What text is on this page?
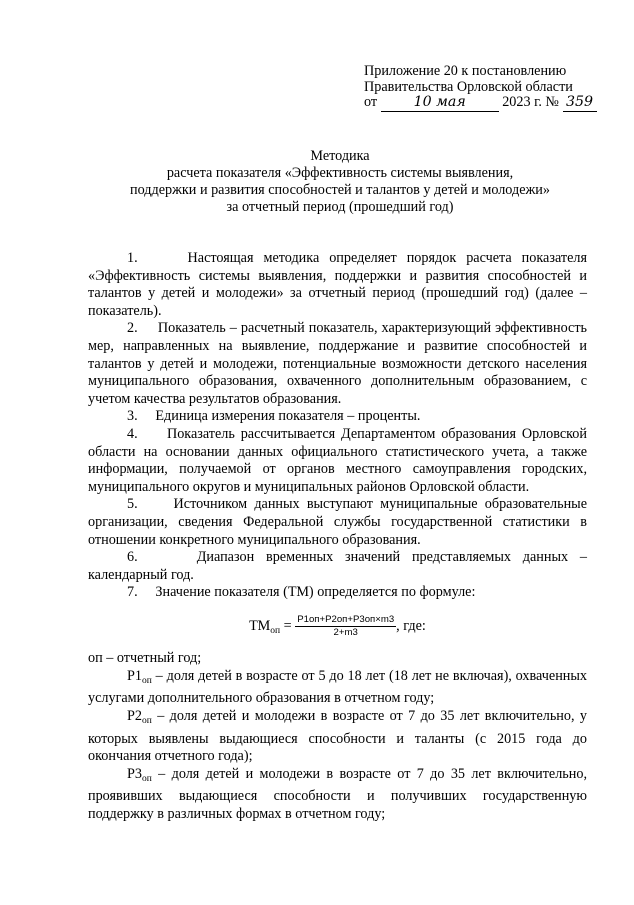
Приложение 20 к постановлению
Правительства Орловской области
от	10 мая	2023 г. № 359
Методика
расчета показателя «Эффективность системы выявления,
поддержки и развития способностей и талантов у детей и молодежи»
за отчетный период (прошедший год)

1.     Настоящая методика определяет порядок расчета показателя «Эффективность системы выявления, поддержки и развития способностей и талантов у детей и молодежи» за отчетный период (прошедший год) (далее – показатель).

2.     Показатель – расчетный показатель, характеризующий эффективность мер, направленных на выявление, поддержание и развитие способностей и талантов у детей и молодежи, потенциальные возможности детского населения муниципального образования, охваченного дополнительным образованием, с учетом качества результатов образования.

3.     Единица измерения показателя – проценты.

4.     Показатель рассчитывается Департаментом образования Орловской области на основании данных официального статистического учета, а также информации, получаемой от органов местного самоуправления городских, муниципального округов и муниципальных районов Орловской области.

5.     Источником данных выступают муниципальные образовательные организации, сведения Федеральной службы государственной статистики в отношении конкретного муниципального образования.

6.     Диапазон временных значений представляемых данных – календарный год.

7.     Значение показателя (ТМ) определяется по формуле:

$ТМ_{оп} = P1оп+P2оп+P3оп\times m3$
2+m3	, где:

оп – отчетный год;

$Р1_{оп}$ – доля детей в возрасте от 5 до 18 лет (18 лет не включая), охваченных услугами дополнительного образования в отчетном году;

$Р2_{оп}$ – доля детей и молодежи в возрасте от 7 до 35 лет включительно, у которых выявлены выдающиеся способности и таланты (с 2015 года до окончания отчетного года);

$Р3_{оп}$ – доля детей и молодежи в возрасте от 7 до 35 лет включительно, проявивших выдающиеся способности и получивших государственную поддержку в различных формах в отчетном году;
